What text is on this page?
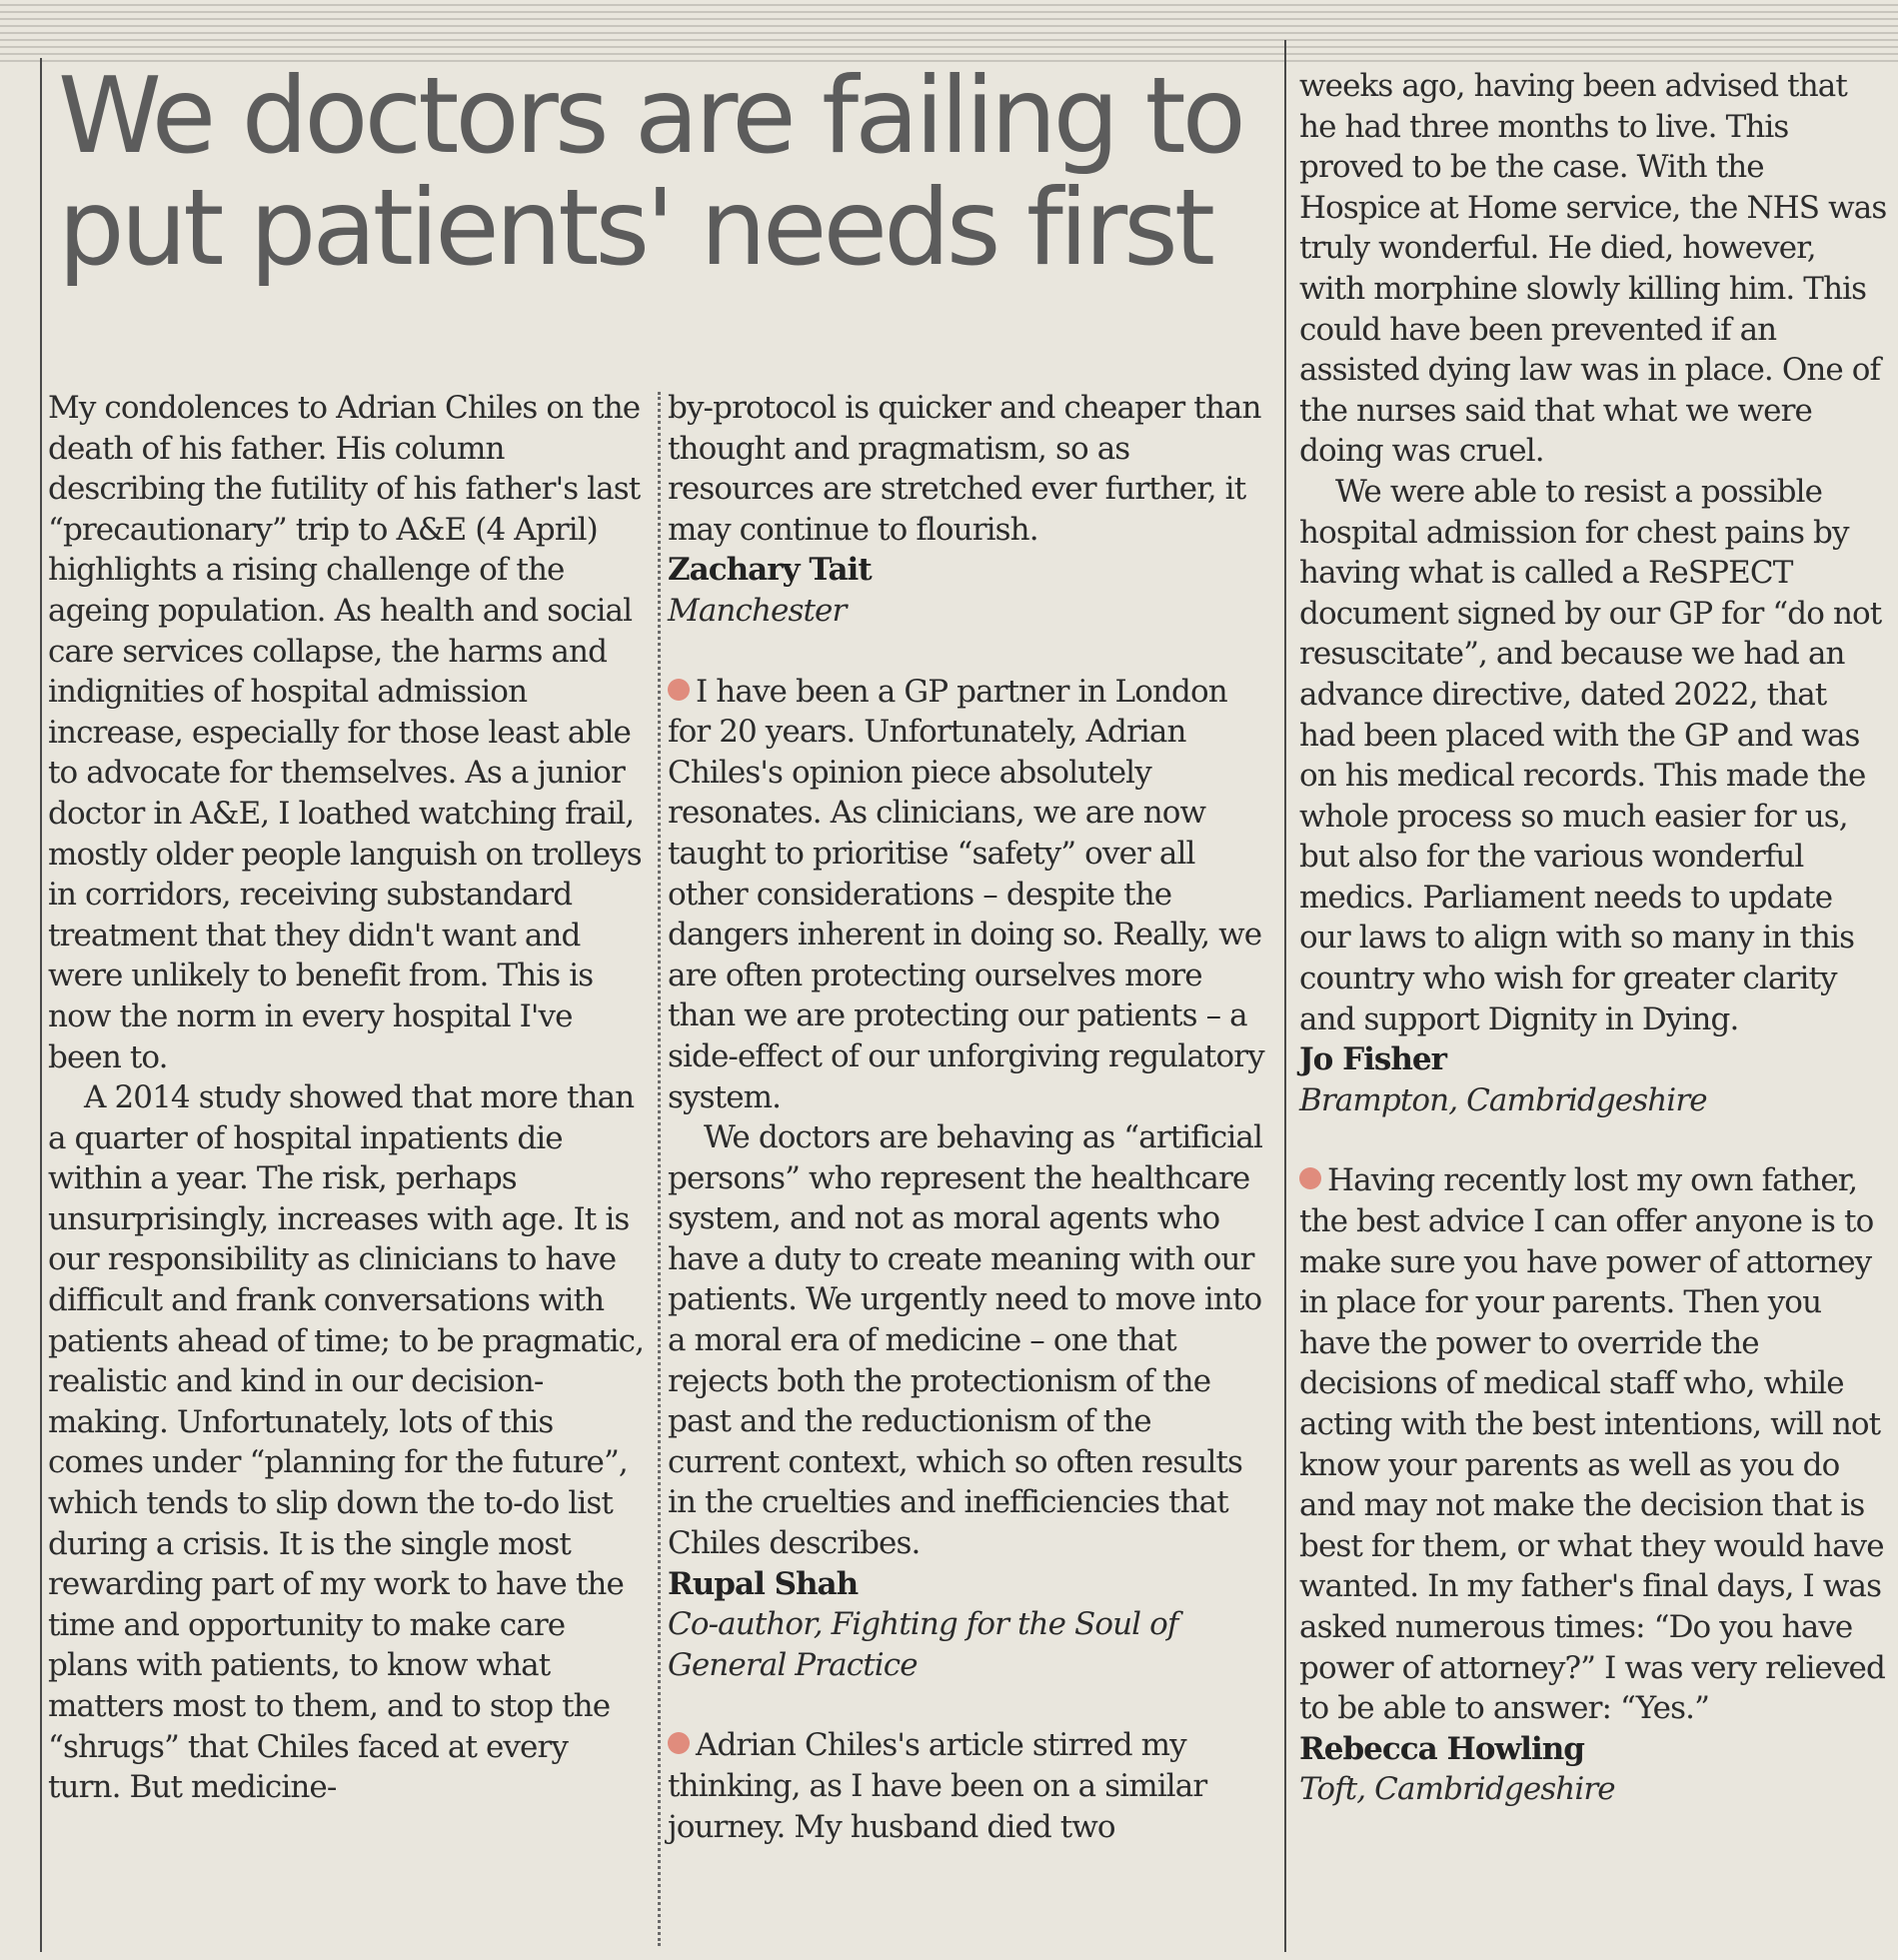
We doctors are failing to
put patients' needs first

My condolences to Adrian Chiles on the death of his father. His column describing the futility of his father's last “precautionary” trip to A&E (4 April) highlights a rising challenge of the ageing population. As health and social care services collapse, the harms and indignities of hospital admission increase, especially for those least able to advocate for themselves. As a junior doctor in A&E, I loathed watching frail, mostly older people languish on trolleys in corridors, receiving substandard treatment that they didn't want and were unlikely to benefit from. This is now the norm in every hospital I've been to.

A 2014 study showed that more than a quarter of hospital inpatients die within a year. The risk, perhaps unsurprisingly, increases with age. It is our responsibility as clinicians to have difficult and frank conversations with patients ahead of time; to be pragmatic, realistic and kind in our decision-making. Unfortunately, lots of this comes under “planning for the future”, which tends to slip down the to-do list during a crisis. It is the single most rewarding part of my work to have the time and opportunity to make care plans with patients, to know what matters most to them, and to stop the “shrugs” that Chiles faced at every turn. But medicine-

by-protocol is quicker and cheaper than thought and pragmatism, so as resources are stretched ever further, it may continue to flourish.

Zachary Tait

Manchester

I have been a GP partner in London for 20 years. Unfortunately, Adrian Chiles's opinion piece absolutely resonates. As clinicians, we are now taught to prioritise “safety” over all other considerations – despite the dangers inherent in doing so. Really, we are often protecting ourselves more than we are protecting our patients – a side-effect of our unforgiving regulatory system.

We doctors are behaving as “artificial persons” who represent the healthcare system, and not as moral agents who have a duty to create meaning with our patients. We urgently need to move into a moral era of medicine – one that rejects both the protectionism of the past and the reductionism of the current context, which so often results in the cruelties and inefficiencies that Chiles describes.

Rupal Shah

Co-author, Fighting for the Soul of General Practice

Adrian Chiles's article stirred my thinking, as I have been on a similar journey. My husband died two

weeks ago, having been advised that he had three months to live. This proved to be the case. With the Hospice at Home service, the NHS was truly wonderful. He died, however, with morphine slowly killing him. This could have been prevented if an assisted dying law was in place. One of the nurses said that what we were doing was cruel.

We were able to resist a possible hospital admission for chest pains by having what is called a ReSPECT document signed by our GP for “do not resuscitate”, and because we had an advance directive, dated 2022, that had been placed with the GP and was on his medical records. This made the whole process so much easier for us, but also for the various wonderful medics. Parliament needs to update our laws to align with so many in this country who wish for greater clarity and support Dignity in Dying.

Jo Fisher

Brampton, Cambridgeshire

Having recently lost my own father, the best advice I can offer anyone is to make sure you have power of attorney in place for your parents. Then you have the power to override the decisions of medical staff who, while acting with the best intentions, will not know your parents as well as you do and may not make the decision that is best for them, or what they would have wanted. In my father's final days, I was asked numerous times: “Do you have power of attorney?” I was very relieved to be able to answer: “Yes.”

Rebecca Howling

Toft, Cambridgeshire
